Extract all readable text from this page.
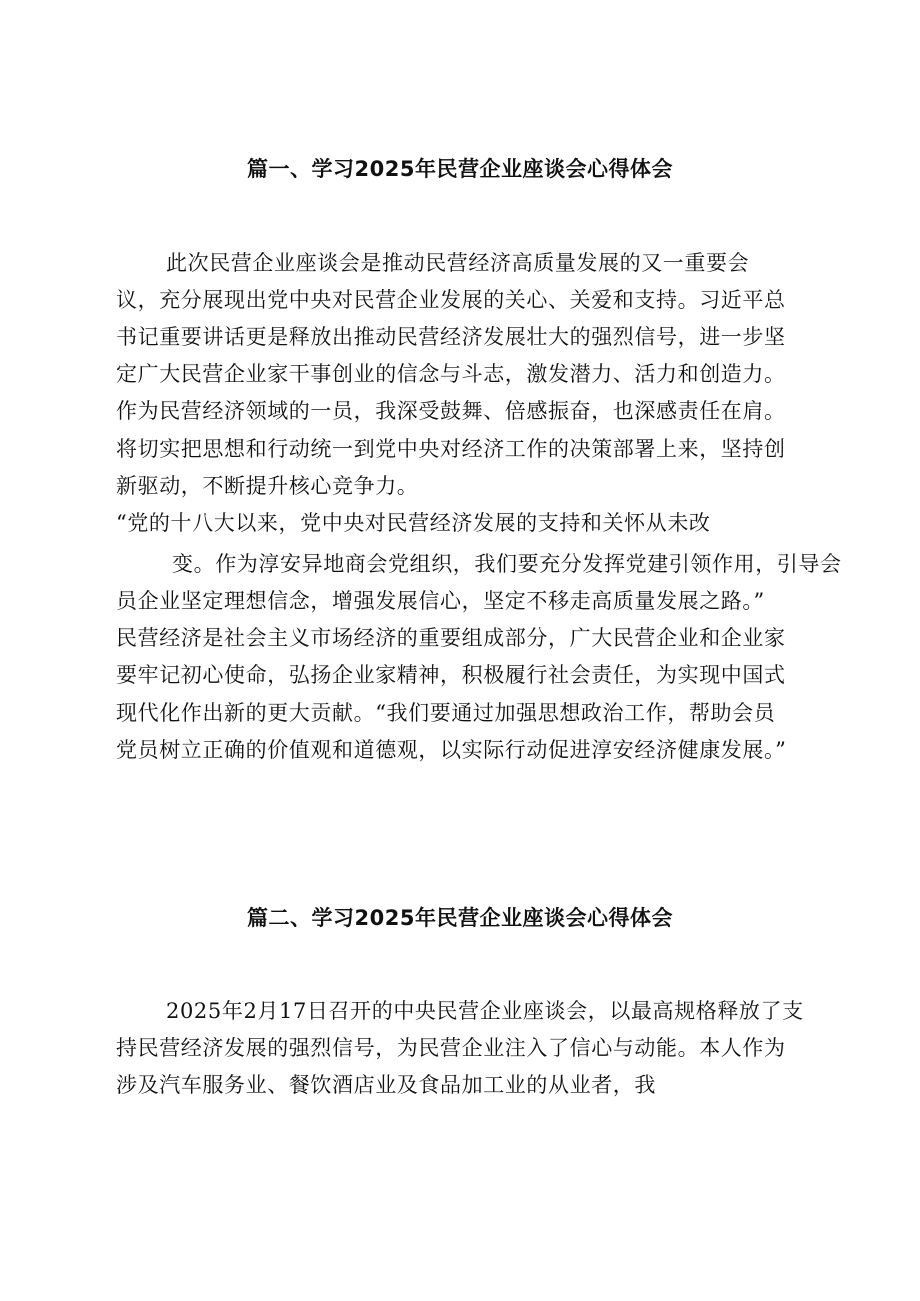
篇一、学习2025年民营企业座谈会心得体会
此次民营企业座谈会是推动民营经济高质量发展的又一重要会
议，充分展现出党中央对民营企业发展的关心、关爱和支持。习近平总
书记重要讲话更是释放出推动民营经济发展壮大的强烈信号，进一步坚
定广大民营企业家干事创业的信念与斗志，激发潜力、活力和创造力。
作为民营经济领域的一员，我深受鼓舞、倍感振奋，也深感责任在肩。
将切实把思想和行动统一到党中央对经济工作的决策部署上来，坚持创
新驱动，不断提升核心竞争力。
“党的十八大以来，党中央对民营经济发展的支持和关怀从未改
变。作为淳安异地商会党组织，我们要充分发挥党建引领作用，引导会
员企业坚定理想信念，增强发展信心，坚定不移走高质量发展之路。”
民营经济是社会主义市场经济的重要组成部分，广大民营企业和企业家
要牢记初心使命，弘扬企业家精神，积极履行社会责任，为实现中国式
现代化作出新的更大贡献。“我们要通过加强思想政治工作，帮助会员
党员树立正确的价值观和道德观，以实际行动促进淳安经济健康发展。”
篇二、学习2025年民营企业座谈会心得体会
2025年2月17日召开的中央民营企业座谈会，以最高规格释放了支
持民营经济发展的强烈信号，为民营企业注入了信心与动能。本人作为
涉及汽车服务业、餐饮酒店业及食品加工业的从业者，我
